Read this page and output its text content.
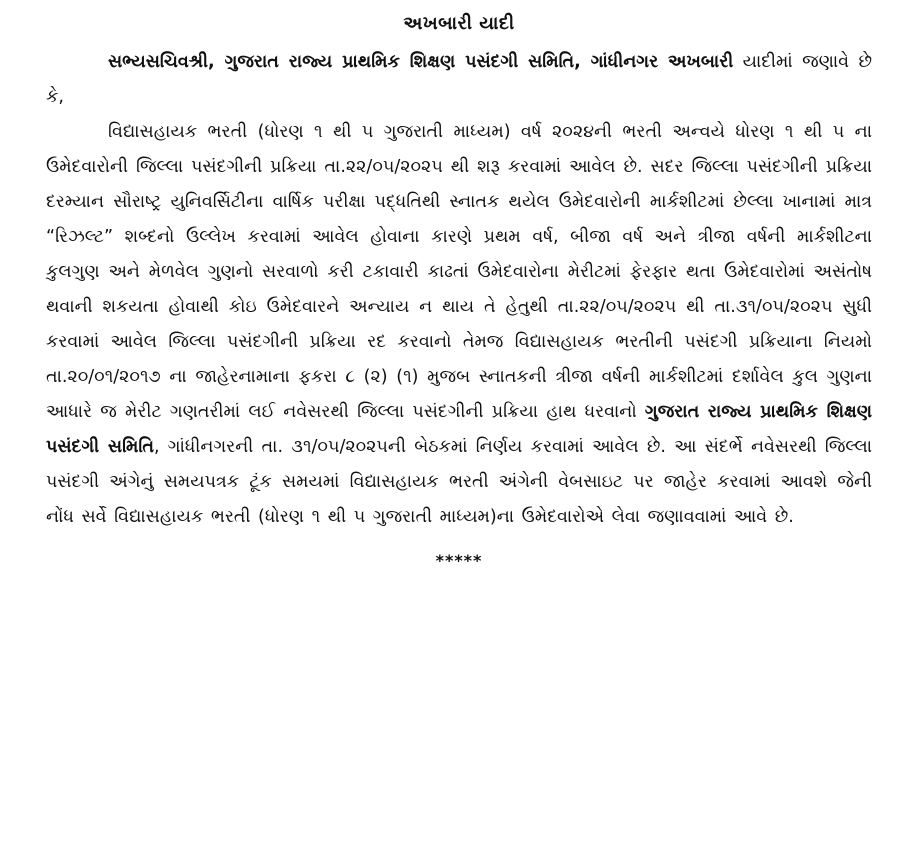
અખબારી યાદી

સભ્યસચિવશ્રી, ગુજરાત રાજ્ય પ્રાથમિક શિક્ષણ પસંદગી સમિતિ, ગાંધીનગર અખબારી યાદીમાં જણાવે છે કે,

વિદ્યાસહાયક ભરતી (ધોરણ ૧ થી ૫ ગુજરાતી માધ્યમ) વર્ષ ૨૦૨૪ની ભરતી અન્વયે ધોરણ ૧ થી ૫ ના ઉમેદવારોની જિલ્લા પસંદગીની પ્રક્રિયા તા.૨૨/૦૫/૨૦૨૫ થી શરૂ કરવામાં આવેલ છે. સદર જિલ્લા પસંદગીની પ્રક્રિયા દરમ્યાન સૌરાષ્ટ્ર યુનિવર્સિટીના વાર્ષિક પરીક્ષા પદ્ધતિથી સ્નાતક થયેલ ઉમેદવારોની માર્કશીટમાં છેલ્લા ખાનામાં માત્ર “રિઝલ્ટ” શબ્દનો ઉલ્લેખ કરવામાં આવેલ હોવાના કારણે પ્રથમ વર્ષ, બીજા વર્ષ અને ત્રીજા વર્ષની માર્કશીટના કુલગુણ અને મેળવેલ ગુણનો સરવાળો કરી ટકાવારી કાઢતાં ઉમેદવારોના મેરીટમાં ફેરફાર થતા ઉમેદવારોમાં અસંતોષ થવાની શકયતા હોવાથી કોઇ ઉમેદવારને અન્યાય ન થાય તે હેતુથી તા.૨૨/૦૫/૨૦૨૫ થી તા.૩૧/૦૫/૨૦૨૫ સુધી કરવામાં આવેલ જિલ્લા પસંદગીની પ્રક્રિયા રદ કરવાનો તેમજ વિદ્યાસહાયક ભરતીની પસંદગી પ્રક્રિયાના નિયમો તા.૨૦/૦૧/૨૦૧૭ ના જાહેરનામાના ફકરા ૮ (૨) (૧) મુજબ સ્નાતકની ત્રીજા વર્ષની માર્કશીટમાં દર્શાવેલ કુલ ગુણના આધારે જ મેરીટ ગણતરીમાં લઈ નવેસરથી જિલ્લા પસંદગીની પ્રક્રિયા હાથ ધરવાનો ગુજરાત રાજ્ય પ્રાથમિક શિક્ષણ પસંદગી સમિતિ, ગાંધીનગરની તા. ૩૧/૦૫/૨૦૨૫ની બેઠકમાં નિર્ણય કરવામાં આવેલ છે. આ સંદર્ભે નવેસરથી જિલ્લા પસંદગી અંગેનું સમયપત્રક ટૂંક સમયમાં વિદ્યાસહાયક ભરતી અંગેની વેબસાઇટ પર જાહેર કરવામાં આવશે જેની નોંધ સર્વે વિદ્યાસહાયક ભરતી (ધોરણ ૧ થી ૫ ગુજરાતી માધ્યમ)ના ઉમેદવારોએ લેવા જણાવવામાં આવે છે.

*****
